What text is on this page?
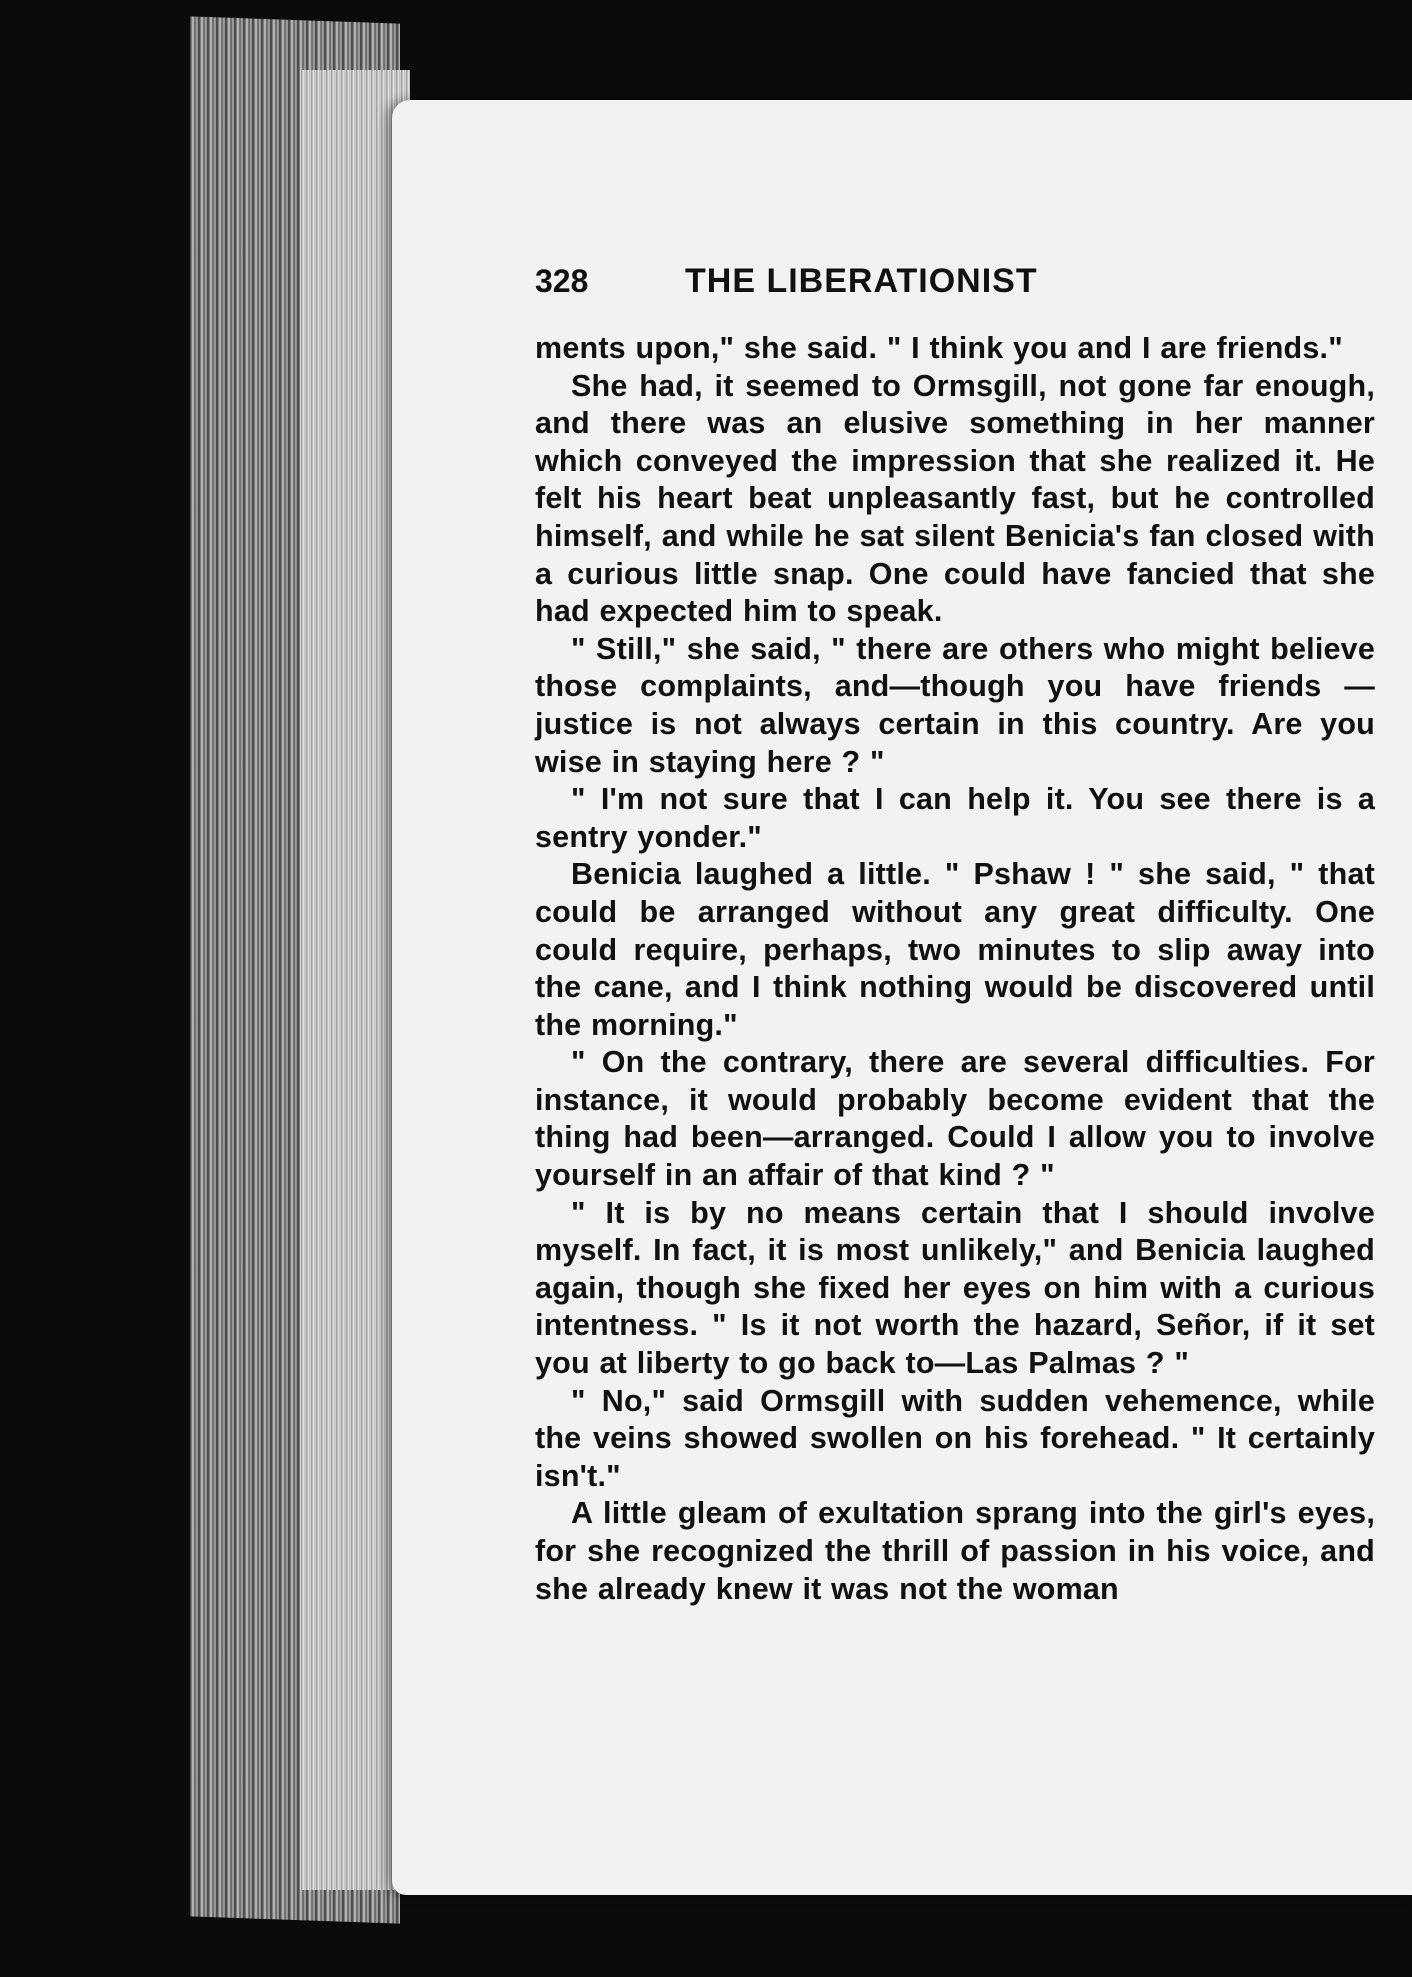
328	THE LIBERATIONIST

ments upon," she said. " I think you and I are friends."

She had, it seemed to Ormsgill, not gone far enough, and there was an elusive something in her manner which conveyed the impression that she realized it. He felt his heart beat unpleasantly fast, but he controlled himself, and while he sat silent Benicia's fan closed with a curious little snap. One could have fancied that she had expected him to speak.

" Still," she said, " there are others who might believe those complaints, and—though you have friends —justice is not always certain in this country. Are you wise in staying here ? "

" I'm not sure that I can help it. You see there is a sentry yonder."

Benicia laughed a little. " Pshaw ! " she said, " that could be arranged without any great difficulty. One could require, perhaps, two minutes to slip away into the cane, and I think nothing would be discovered until the morning."

" On the contrary, there are several difficulties. For instance, it would probably become evident that the thing had been—arranged. Could I allow you to involve yourself in an affair of that kind ? "

" It is by no means certain that I should involve myself. In fact, it is most unlikely," and Benicia laughed again, though she fixed her eyes on him with a curious intentness. " Is it not worth the hazard, Señor, if it set you at liberty to go back to—Las Palmas ? "

" No," said Ormsgill with sudden vehemence, while the veins showed swollen on his forehead. " It certainly isn't."

A little gleam of exultation sprang into the girl's eyes, for she recognized the thrill of passion in his voice, and she already knew it was not the woman
